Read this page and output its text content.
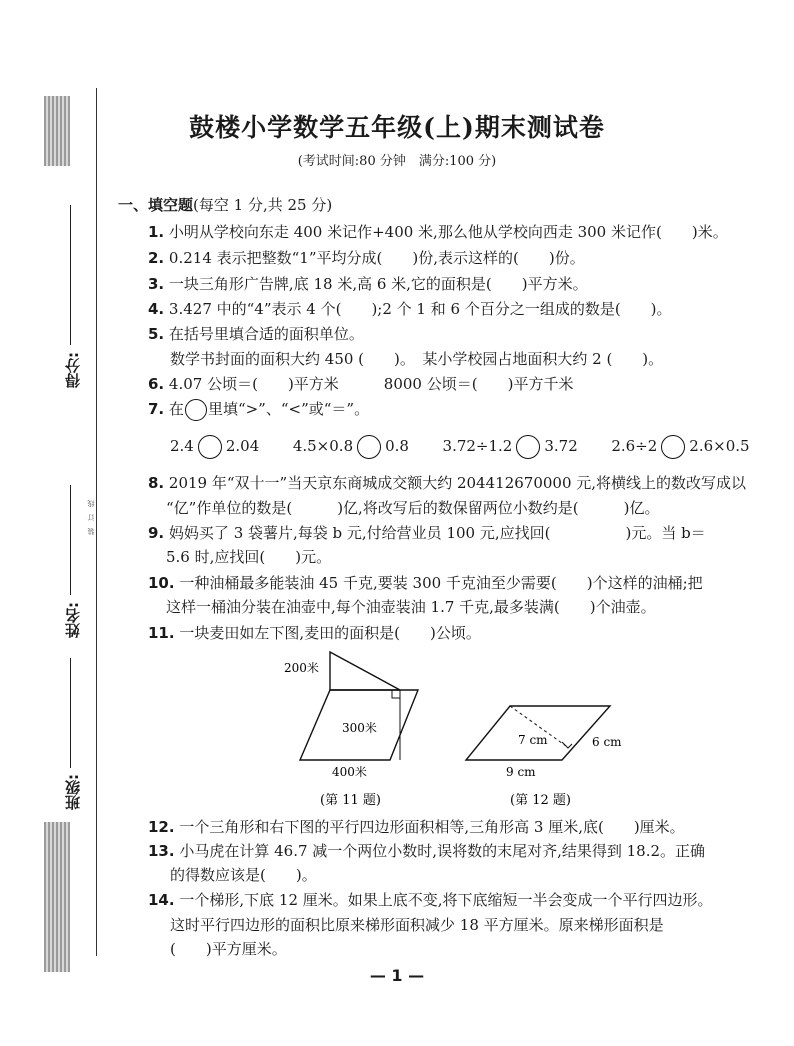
得分:
姓名:
班级:
装　订　线
鼓楼小学数学五年级(上)期末测试卷
(考试时间:80 分钟　满分:100 分)
一、填空题(每空 1 分,共 25 分)
1. 小明从学校向东走 400 米记作+400 米,那么他从学校向西走 300 米记作(　　)米。
2. 0.214 表示把整数“1”平均分成(　　)份,表示这样的(　　)份。
3. 一块三角形广告牌,底 18 米,高 6 米,它的面积是(　　)平方米。
4. 3.427 中的“4”表示 4 个(　　);2 个 1 和 6 个百分之一组成的数是(　　)。
5. 在括号里填合适的面积单位。
数学书封面的面积大约 450 (　　)。　某小学校园占地面积大约 2 (　　)。
6. 4.07 公顷＝(　　)平方米　　　8000 公顷＝(　　)平方千米
7. 在 里填“>”、“<”或“＝”。
2.4 2.04 4.5×0.8 0.8 3.72÷1.2 3.72 2.6÷2 2.6×0.5
8. 2019 年“双十一”当天京东商城成交额大约 204412670000 元,将横线上的数改写成以
“亿”作单位的数是(　　　)亿,将改写后的数保留两位小数约是(　　　)亿。
9. 妈妈买了 3 袋薯片,每袋 b 元,付给营业员 100 元,应找回(　　　　　)元。当 b＝
5.6 时,应找回(　　)元。
10. 一种油桶最多能装油 45 千克,要装 300 千克油至少需要(　　)个这样的油桶;把
这样一桶油分装在油壶中,每个油壶装油 1.7 千克,最多装满(　　)个油壶。
11. 一块麦田如左下图,麦田的面积是(　　)公顷。
200米
300米
400米
(第 11 题)
7 cm	6 cm
9 cm
(第 12 题)
12. 一个三角形和右下图的平行四边形面积相等,三角形高 3 厘米,底(　　)厘米。
13. 小马虎在计算 46.7 减一个两位小数时,误将数的末尾对齐,结果得到 18.2。正确
的得数应该是(　　)。
14. 一个梯形,下底 12 厘米。如果上底不变,将下底缩短一半会变成一个平行四边形。
这时平行四边形的面积比原来梯形面积减少 18 平方厘米。原来梯形面积是
(　　)平方厘米。
— 1 —
